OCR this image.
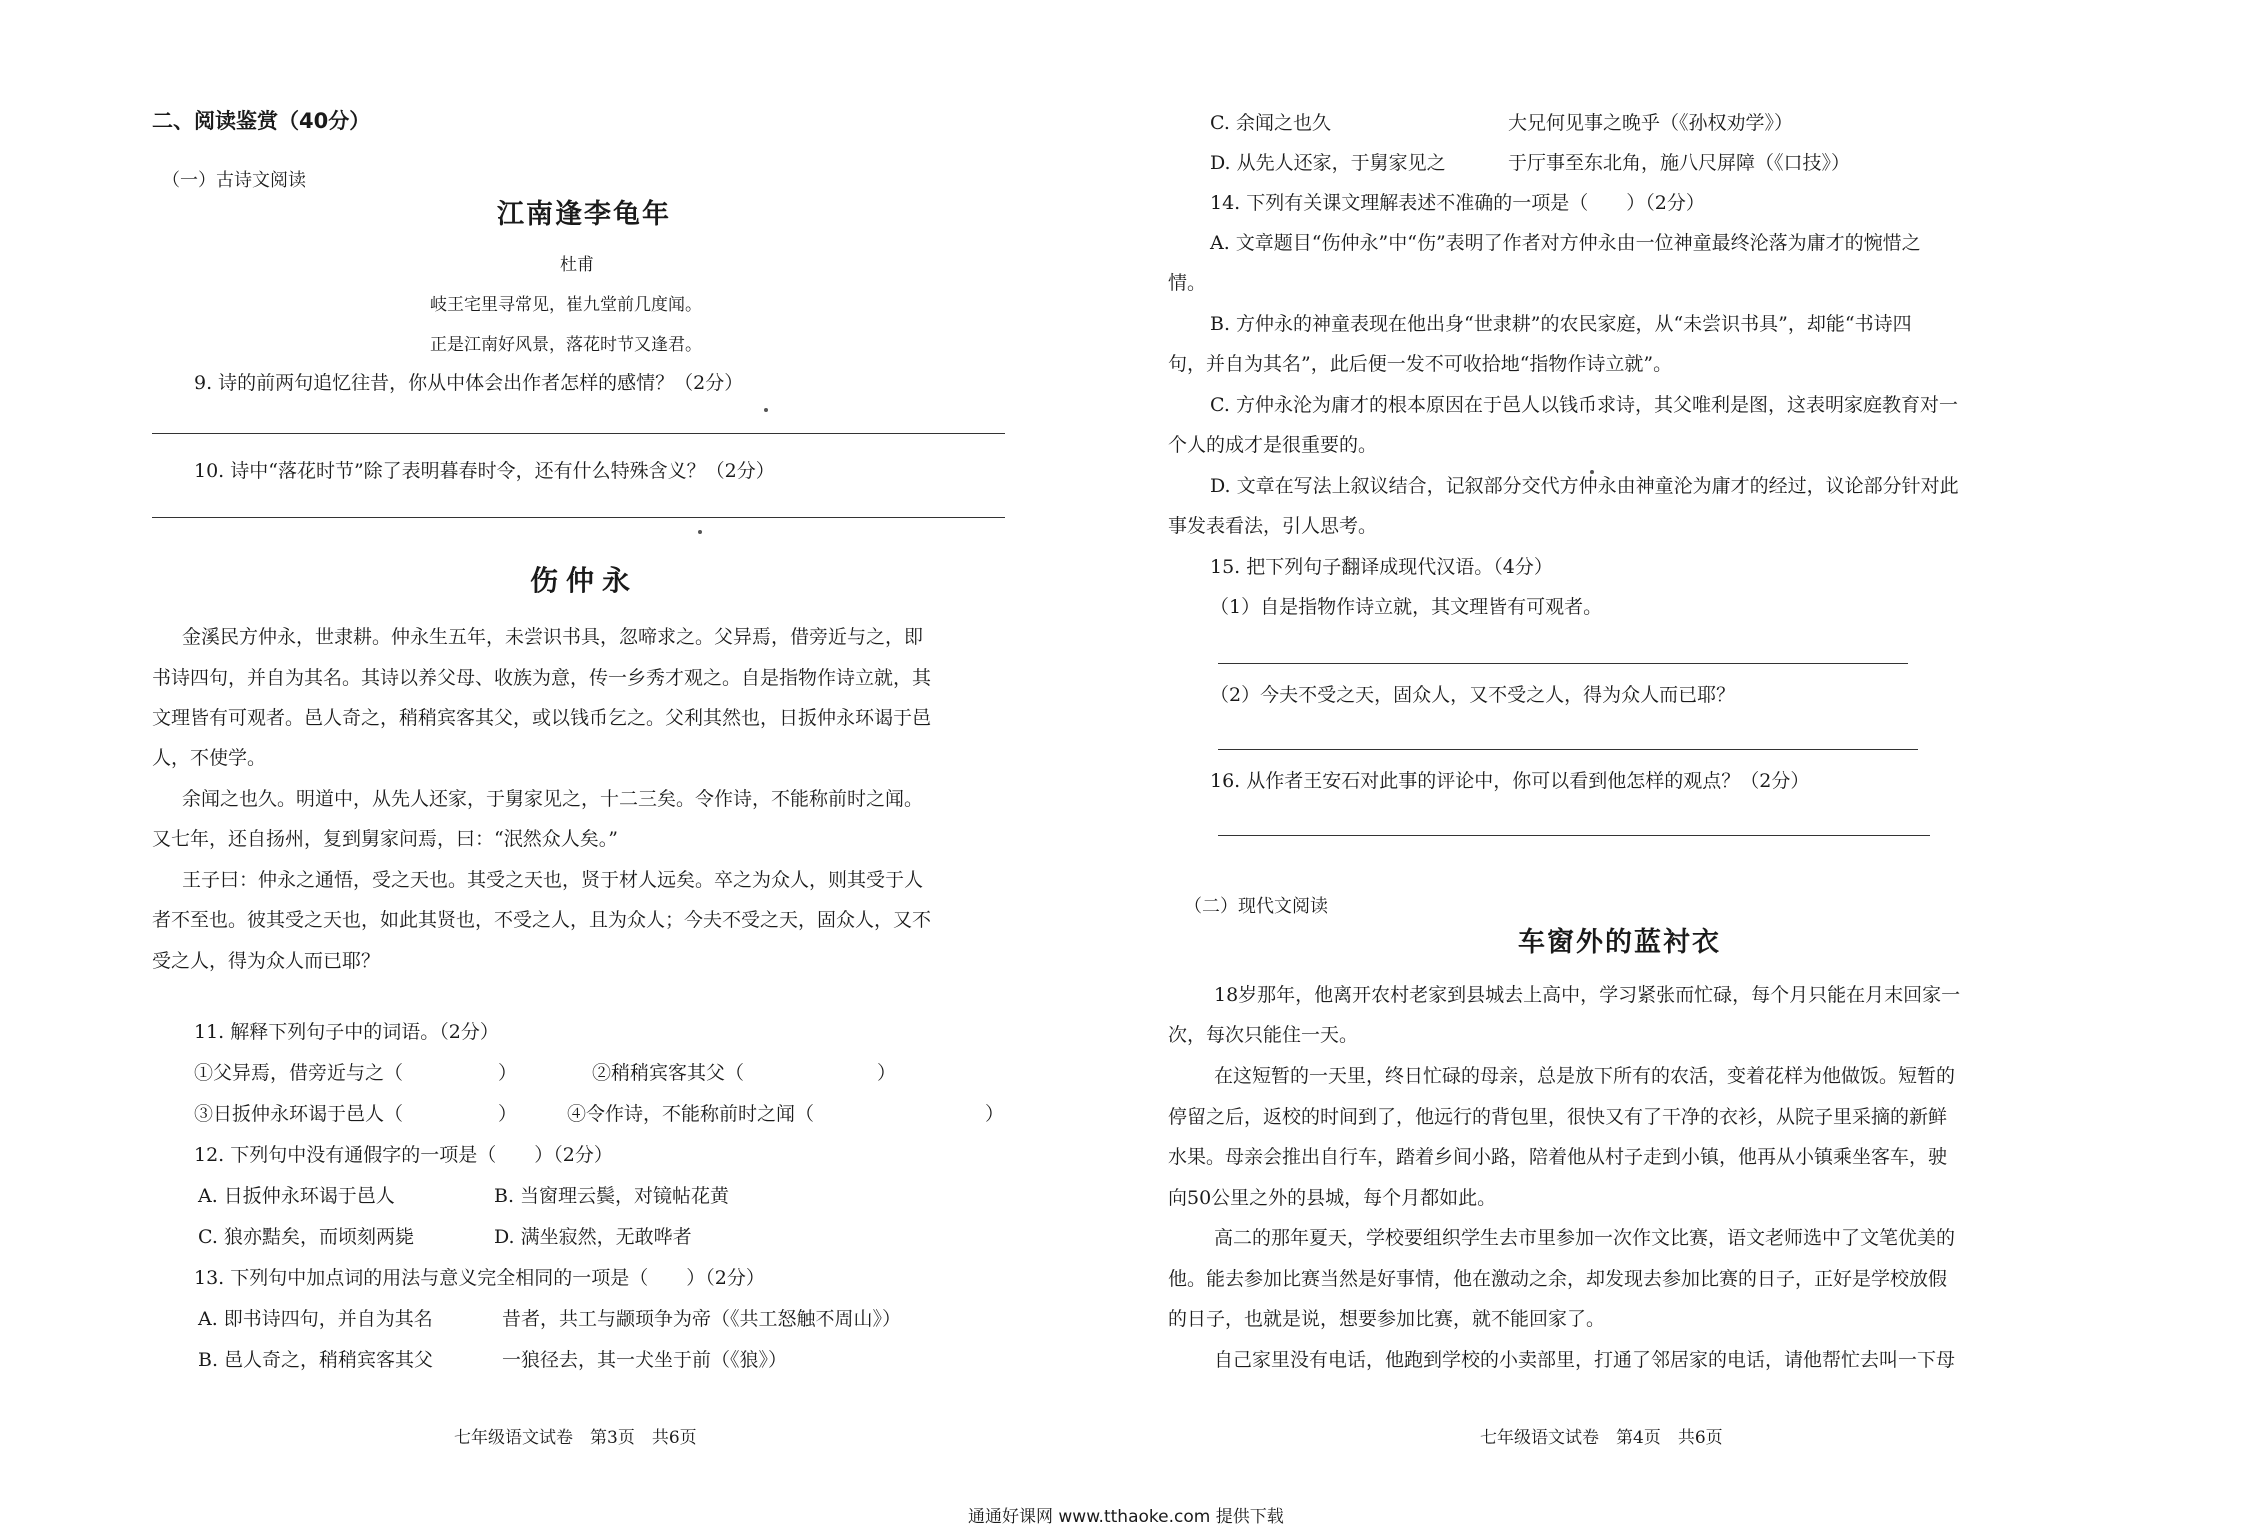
二、阅读鉴赏（40分）
（一）古诗文阅读
江南逢李龟年
杜甫
岐王宅里寻常见，崔九堂前几度闻。
正是江南好风景，落花时节又逢君。
9. 诗的前两句追忆往昔，你从中体会出作者怎样的感情？（2分）
10. 诗中“落花时节”除了表明暮春时令，还有什么特殊含义？（2分）
伤仲永
金溪民方仲永，世隶耕。仲永生五年，未尝识书具，忽啼求之。父异焉，借旁近与之，即
书诗四句，并自为其名。其诗以养父母、收族为意，传一乡秀才观之。自是指物作诗立就，其
文理皆有可观者。邑人奇之，稍稍宾客其父，或以钱币乞之。父利其然也，日扳仲永环谒于邑
人，不使学。
余闻之也久。明道中，从先人还家，于舅家见之，十二三矣。令作诗，不能称前时之闻。
又七年，还自扬州，复到舅家问焉，曰：“泯然众人矣。”
王子曰：仲永之通悟，受之天也。其受之天也，贤于材人远矣。卒之为众人，则其受于人
者不至也。彼其受之天也，如此其贤也，不受之人，且为众人；今夫不受之天，固众人，又不
受之人，得为众人而已耶？
11. 解释下列句子中的词语。（2分）
①父异焉，借旁近与之（　　　　　）	②稍稍宾客其父（　　　　　　　）
③日扳仲永环谒于邑人（　　　　　）	④令作诗，不能称前时之闻（　　　　　　　　　）
12. 下列句中没有通假字的一项是（　　）（2分）
A. 日扳仲永环谒于邑人	B. 当窗理云鬓，对镜帖花黄
C. 狼亦黠矣，而顷刻两毙	D. 满坐寂然，无敢哗者
13. 下列句中加点词的用法与意义完全相同的一项是（　　）（2分）
A. 即书诗四句，并自为其名	昔者，共工与颛顼争为帝（《共工怒触不周山》）
B. 邑人奇之，稍稍宾客其父	一狼径去，其一犬坐于前（《狼》）
七年级语文试卷　第3页　共6页
C. 余闻之也久	大兄何见事之晚乎（《孙权劝学》）
D. 从先人还家，于舅家见之	于厅事至东北角，施八尺屏障（《口技》）
14. 下列有关课文理解表述不准确的一项是（　　）（2分）
A. 文章题目“伤仲永”中“伤”表明了作者对方仲永由一位神童最终沦落为庸才的惋惜之
情。
B. 方仲永的神童表现在他出身“世隶耕”的农民家庭，从“未尝识书具”，却能“书诗四
句，并自为其名”，此后便一发不可收拾地“指物作诗立就”。
C. 方仲永沦为庸才的根本原因在于邑人以钱币求诗，其父唯利是图，这表明家庭教育对一
个人的成才是很重要的。
D. 文章在写法上叙议结合，记叙部分交代方仲永由神童沦为庸才的经过，议论部分针对此
事发表看法，引人思考。
15. 把下列句子翻译成现代汉语。（4分）
（1）自是指物作诗立就，其文理皆有可观者。
（2）今夫不受之天，固众人，又不受之人，得为众人而已耶？
16. 从作者王安石对此事的评论中，你可以看到他怎样的观点？（2分）
（二）现代文阅读
车窗外的蓝衬衣
18岁那年，他离开农村老家到县城去上高中，学习紧张而忙碌，每个月只能在月末回家一
次，每次只能住一天。
在这短暂的一天里，终日忙碌的母亲，总是放下所有的农活，变着花样为他做饭。短暂的
停留之后，返校的时间到了，他远行的背包里，很快又有了干净的衣衫，从院子里采摘的新鲜
水果。母亲会推出自行车，踏着乡间小路，陪着他从村子走到小镇，他再从小镇乘坐客车，驶
向50公里之外的县城，每个月都如此。
高二的那年夏天，学校要组织学生去市里参加一次作文比赛，语文老师选中了文笔优美的
他。能去参加比赛当然是好事情，他在激动之余，却发现去参加比赛的日子，正好是学校放假
的日子，也就是说，想要参加比赛，就不能回家了。
自己家里没有电话，他跑到学校的小卖部里，打通了邻居家的电话，请他帮忙去叫一下母
七年级语文试卷　第4页　共6页
通通好课网 www.tthaoke.com 提供下载
